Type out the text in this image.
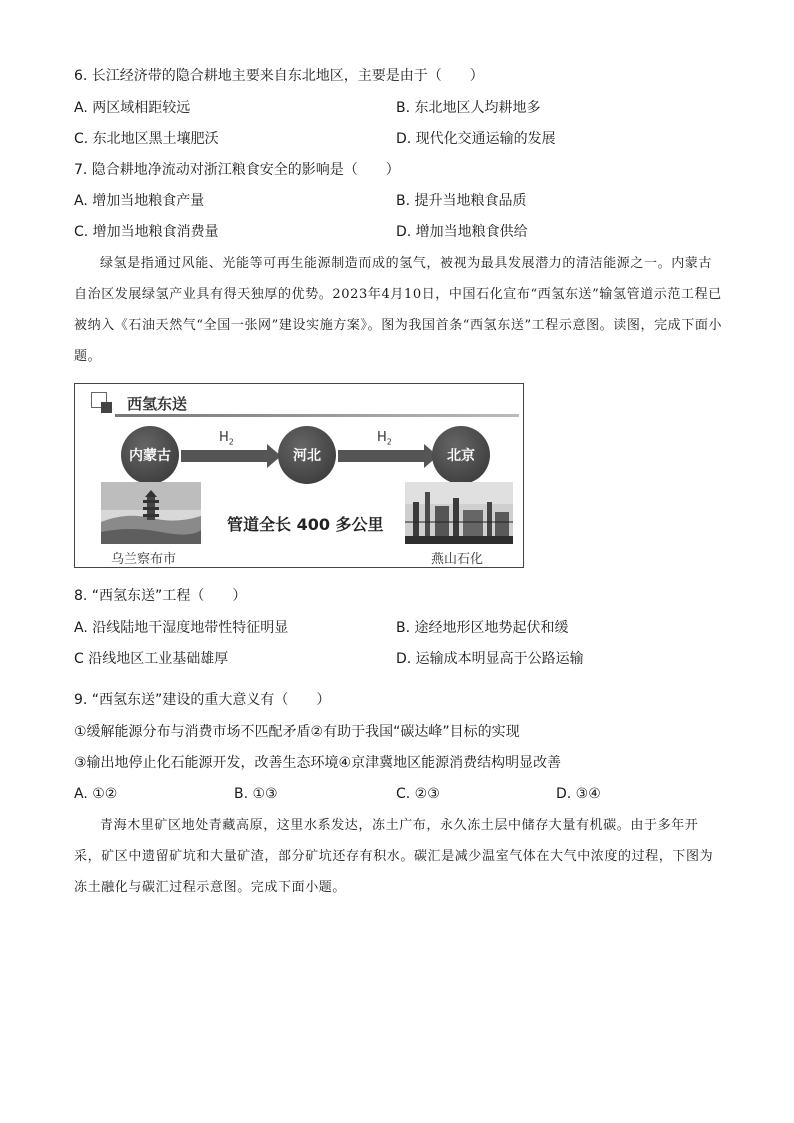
6. 长江经济带的隐合耕地主要来自东北地区，主要是由于（　　）
A. 两区域相距较远	B. 东北地区人均耕地多
C. 东北地区黑土壤肥沃	D. 现代化交通运输的发展
7. 隐合耕地净流动对浙江粮食安全的影响是（　　）
A. 增加当地粮食产量	B. 提升当地粮食品质
C. 增加当地粮食消费量	D. 增加当地粮食供给
绿氢是指通过风能、光能等可再生能源制造而成的氢气，被视为最具发展潜力的清洁能源之一。内蒙古自治区发展绿氢产业具有得天独厚的优势。2023年4月10日，中国石化宣布“西氢东送”输氢管道示范工程已被纳入《石油天然气“全国一张网”建设实施方案》。图为我国首条“西氢东送”工程示意图。读图，完成下面小题。
西氢东送
内蒙古
$H_2$
河北
$H_2$
北京
乌兰察布市
管道全长 400 多公里
燕山石化
8. “西氢东送”工程（　　）
A. 沿线陆地干湿度地带性特征明显	B. 途经地形区地势起伏和缓
C 沿线地区工业基础雄厚	D. 运输成本明显高于公路运输
9. “西氢东送”建设的重大意义有（　　）
①缓解能源分布与消费市场不匹配矛盾②有助于我国“碳达峰”目标的实现
③输出地停止化石能源开发，改善生态环境④京津冀地区能源消费结构明显改善
A. ①②	B. ①③	C. ②③	D. ③④
青海木里矿区地处青藏高原，这里水系发达，冻土广布，永久冻土层中储存大量有机碳。由于多年开采，矿区中遗留矿坑和大量矿渣，部分矿坑还存有积水。碳汇是减少温室气体在大气中浓度的过程，下图为冻土融化与碳汇过程示意图。完成下面小题。
